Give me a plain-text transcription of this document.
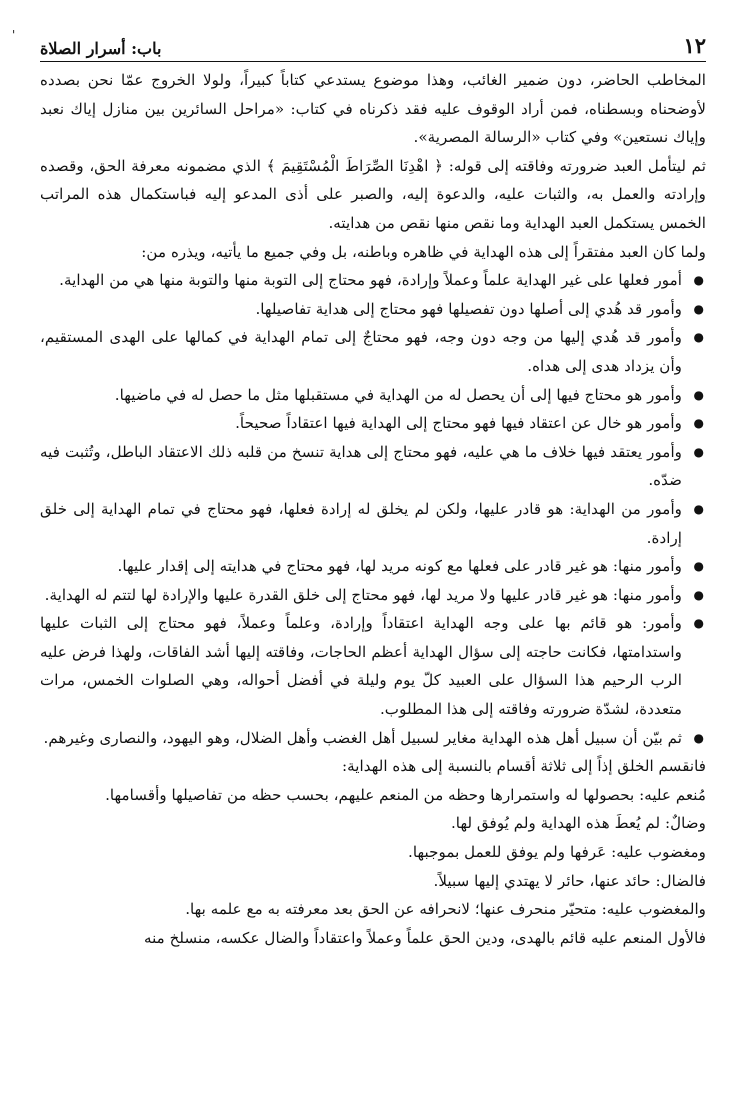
'	١٢
باب: أسرار الصلاة

المخاطب الحاضر، دون ضمير الغائب، وهذا موضوع يستدعي كتاباً كبيراً، ولولا الخروج عمّا نحن بصدده لأوضحناه وبسطناه، فمن أراد الوقوف عليه فقد ذكرناه في كتاب: «مراحل السائرين بين منازل إياك نعبد وإياك نستعين» وفي كتاب «الرسالة المصرية».

ثم ليتأمل العبد ضرورته وفاقته إلى قوله: ﴿ اهْدِنَا الصِّرَاطَ الْمُسْتَقِيمَ ﴾ الذي مضمونه معرفة الحق، وقصده وإرادته والعمل به، والثبات عليه، والدعوة إليه، والصبر على أذى المدعو إليه فباستكمال هذه المراتب الخمس يستكمل العبد الهداية وما نقص منها نقص من هدايته.

ولما كان العبد مفتقراً إلى هذه الهداية في ظاهره وباطنه، بل وفي جميع ما يأتيه، ويذره من:

● أمور فعلها على غير الهداية علماً وعملاً وإرادة، فهو محتاج إلى التوبة منها والتوبة منها هي من الهداية.
● وأمور قد هُدي إلى أصلها دون تفصيلها فهو محتاج إلى هداية تفاصيلها.
● وأمور قد هُدي إليها من وجه دون وجه، فهو محتاجٌ إلى تمام الهداية في كمالها على الهدى المستقيم، وأن يزداد هدى إلى هداه.
● وأمور هو محتاج فيها إلى أن يحصل له من الهداية في مستقبلها مثل ما حصل له في ماضيها.
● وأمور هو خال عن اعتقاد فيها فهو محتاج إلى الهداية فيها اعتقاداً صحيحاً.
● وأمور يعتقد فيها خلاف ما هي عليه، فهو محتاج إلى هداية تنسخ من قلبه ذلك الاعتقاد الباطل، وتُثبت فيه ضدّه.
● وأمور من الهداية: هو قادر عليها، ولكن لم يخلق له إرادة فعلها، فهو محتاج في تمام الهداية إلى خلق إرادة.
● وأمور منها: هو غير قادر على فعلها مع كونه مريد لها، فهو محتاج في هدايته إلى إقدار عليها.
● وأمور منها: هو غير قادر عليها ولا مريد لها، فهو محتاج إلى خلق القدرة عليها والإرادة لها لتتم له الهداية.
● وأمور: هو قائم بها على وجه الهداية اعتقاداً وإرادة، وعلماً وعملاً، فهو محتاج إلى الثبات عليها واستدامتها، فكانت حاجته إلى سؤال الهداية أعظم الحاجات، وفاقته إليها أشد الفاقات، ولهذا فرض عليه الرب الرحيم هذا السؤال على العبيد كلّ يوم وليلة في أفضل أحواله، وهي الصلوات الخمس، مرات متعددة، لشدّة ضرورته وفاقته إلى هذا المطلوب.
● ثم بيّن أن سبيل أهل هذه الهداية مغاير لسبيل أهل الغضب وأهل الضلال، وهو اليهود، والنصارى وغيرهم.

فانقسم الخلق إذاً إلى ثلاثة أقسام بالنسبة إلى هذه الهداية:

مُنعم عليه: بحصولها له واستمرارها وحظه من المنعم عليهم، بحسب حظه من تفاصيلها وأقسامها.

وضالٌ: لم يُعطَ هذه الهداية ولم يُوفق لها.

ومغضوب عليه: عَرفها ولم يوفق للعمل بموجبها.

فالضال: حائد عنها، حائر لا يهتدي إليها سبيلاً.

والمغضوب عليه: متحيّر منحرف عنها؛ لانحرافه عن الحق بعد معرفته به مع علمه بها.

فالأول المنعم عليه قائم بالهدى، ودين الحق علماً وعملاً واعتقاداً والضال عكسه، منسلخ منه
